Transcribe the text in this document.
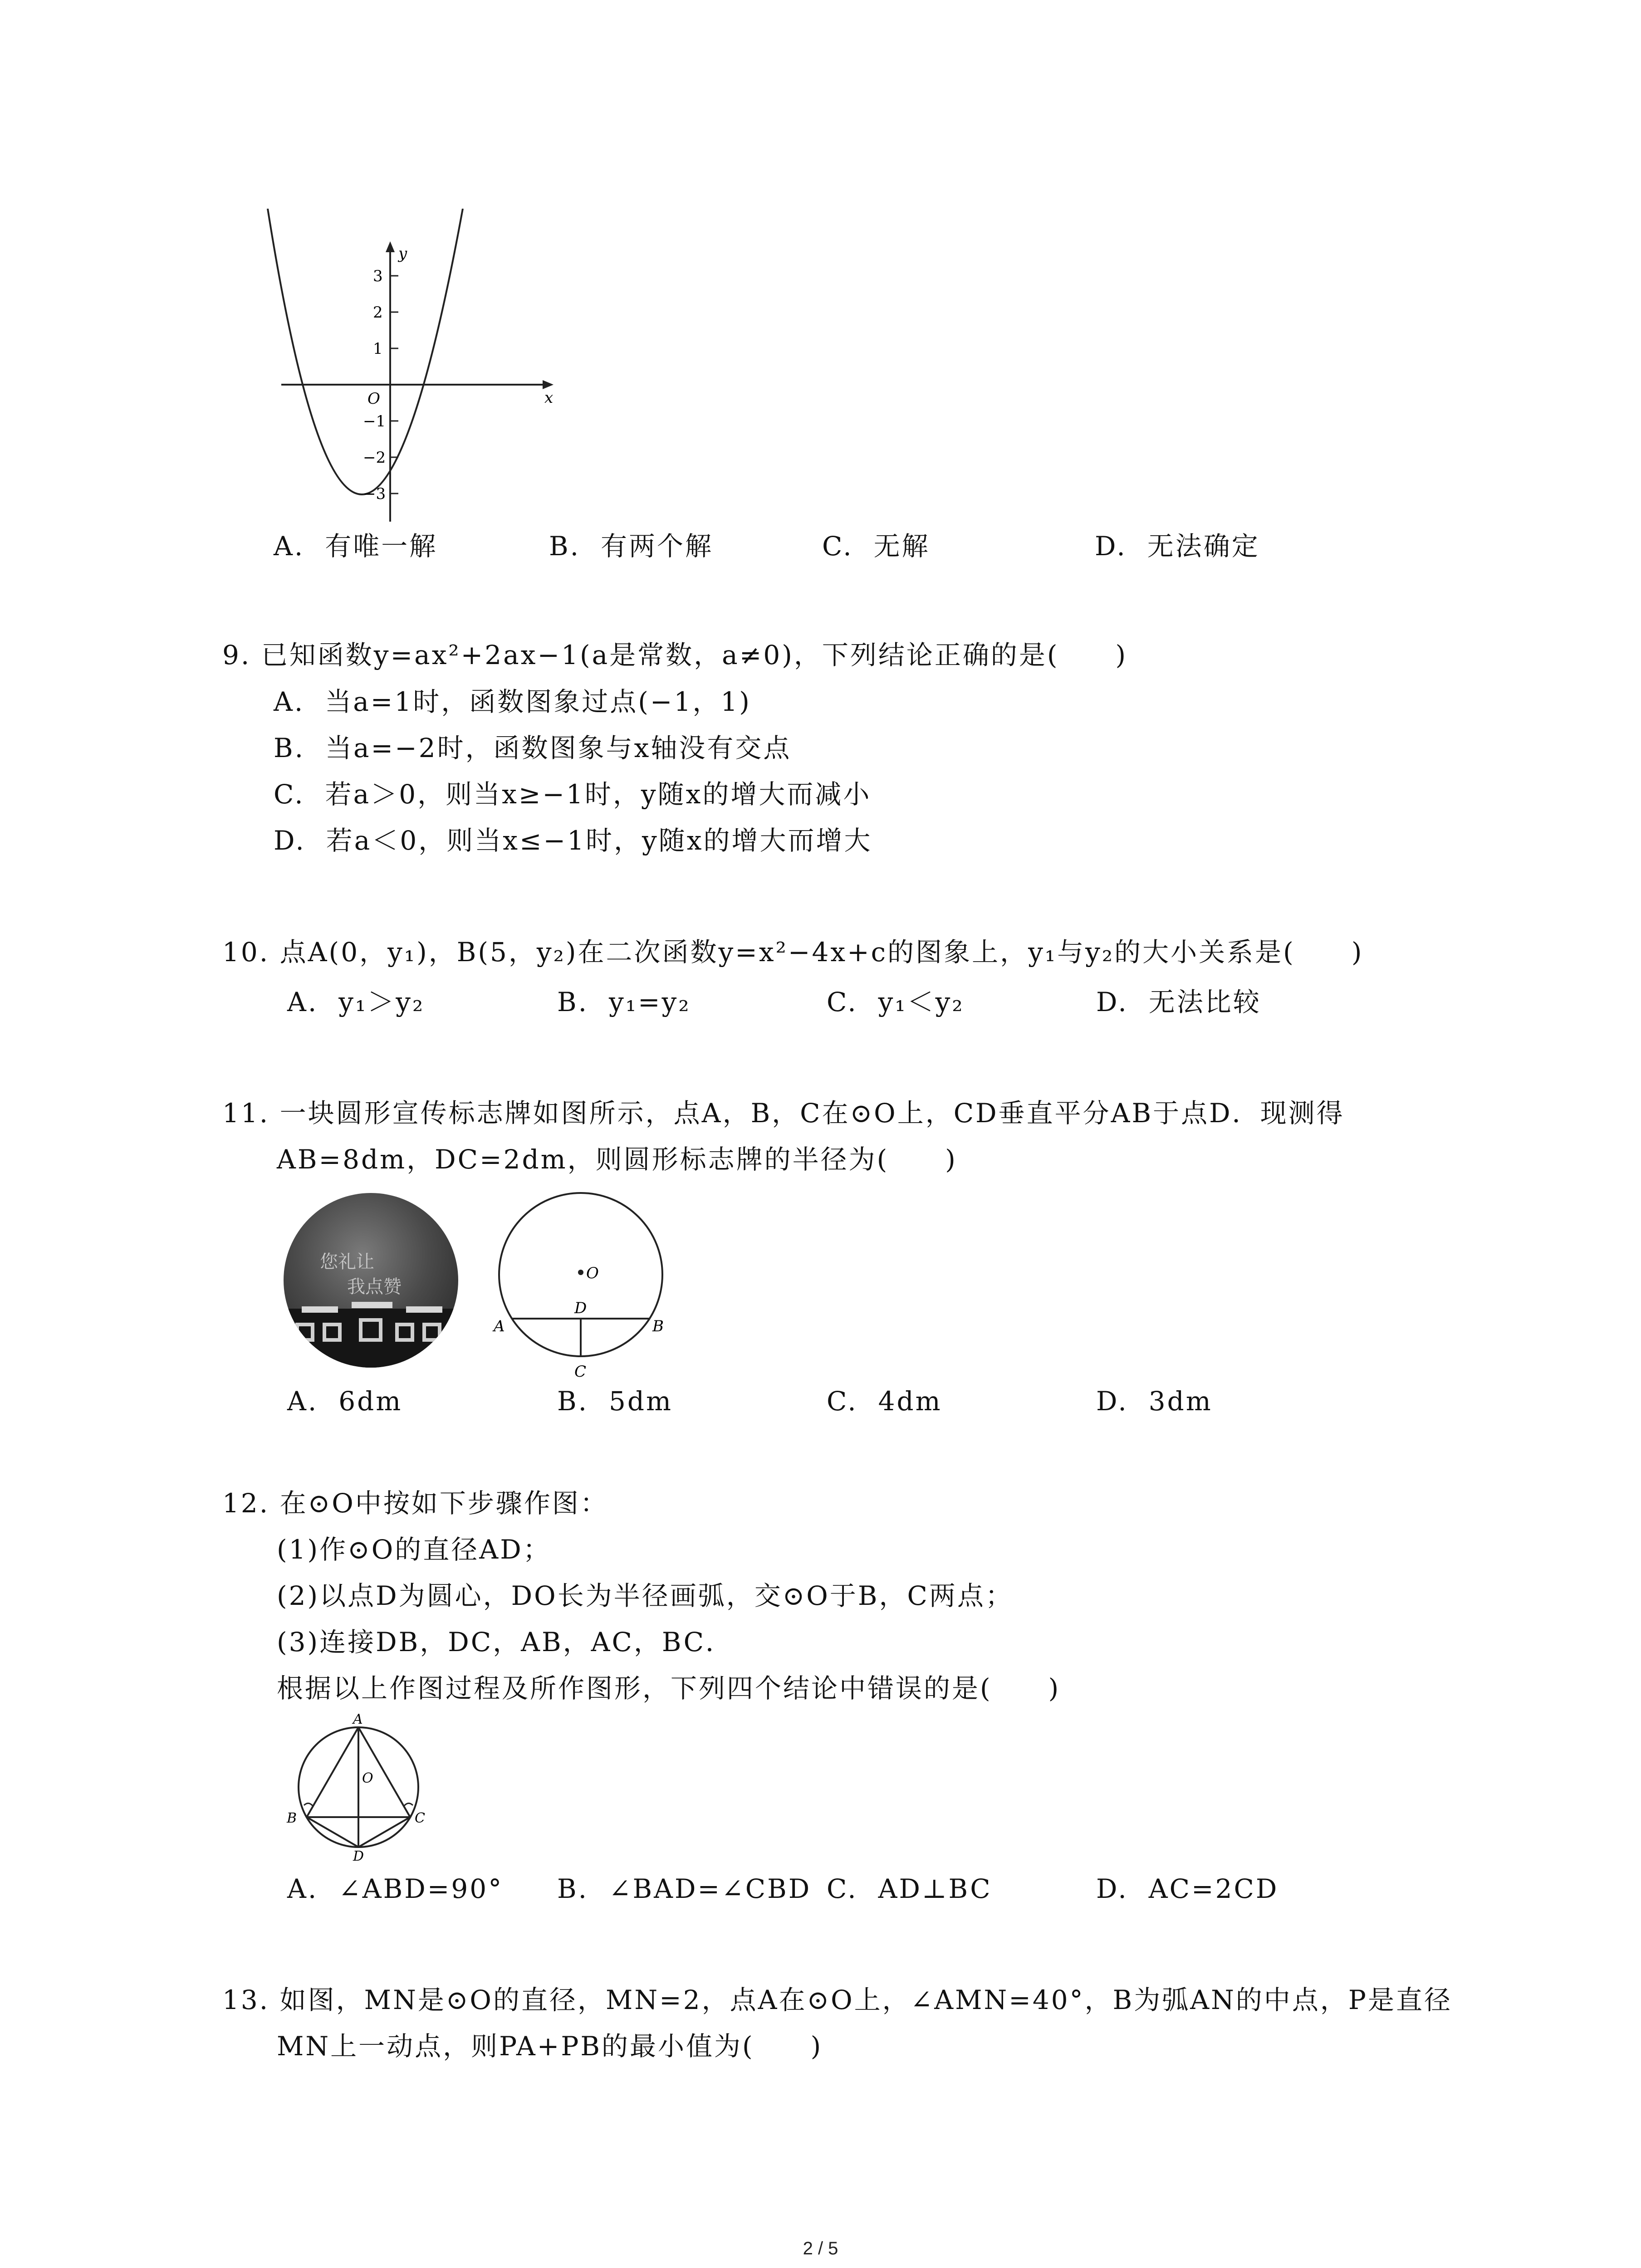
y
x
O
3
2
1
−1
−2
−3
A. 有唯一解	B. 有两个解	C. 无解	D. 无法确定
9. 已知函数y=ax²+2ax−1(a是常数，a≠0)，下列结论正确的是(　　)
A. 当a=1时，函数图象过点(−1，1)
B. 当a=−2时，函数图象与x轴没有交点
C. 若a＞0，则当x≥−1时，y随x的增大而减小
D. 若a＜0，则当x≤−1时，y随x的增大而增大
10. 点A(0，y₁)，B(5，y₂)在二次函数y=x²−4x+c的图象上，y₁与y₂的大小关系是(　　)
A. y₁＞y₂	B. y₁=y₂	C. y₁＜y₂	D. 无法比较
11. 一块圆形宣传标志牌如图所示，点A，B，C在⊙O上，CD垂直平分AB于点D．现测得
AB=8dm，DC=2dm，则圆形标志牌的半径为(　　)
您礼让
我点赞
O
D
A	B
C
A. 6dm	B. 5dm	C. 4dm	D. 3dm
12. 在⊙O中按如下步骤作图：
(1)作⊙O的直径AD；
(2)以点D为圆心，DO长为半径画弧，交⊙O于B，C两点；
(3)连接DB，DC，AB，AC，BC．
根据以上作图过程及所作图形，下列四个结论中错误的是(　　)
A
O
B	C
D
A. ∠ABD=90° B. ∠BAD=∠CBD C. AD⊥BC	D. AC=2CD
13. 如图，MN是⊙O的直径，MN=2，点A在⊙O上，∠AMN=40°，B为弧AN的中点，P是直径
MN上一动点，则PA+PB的最小值为(　　)
2 / 5
